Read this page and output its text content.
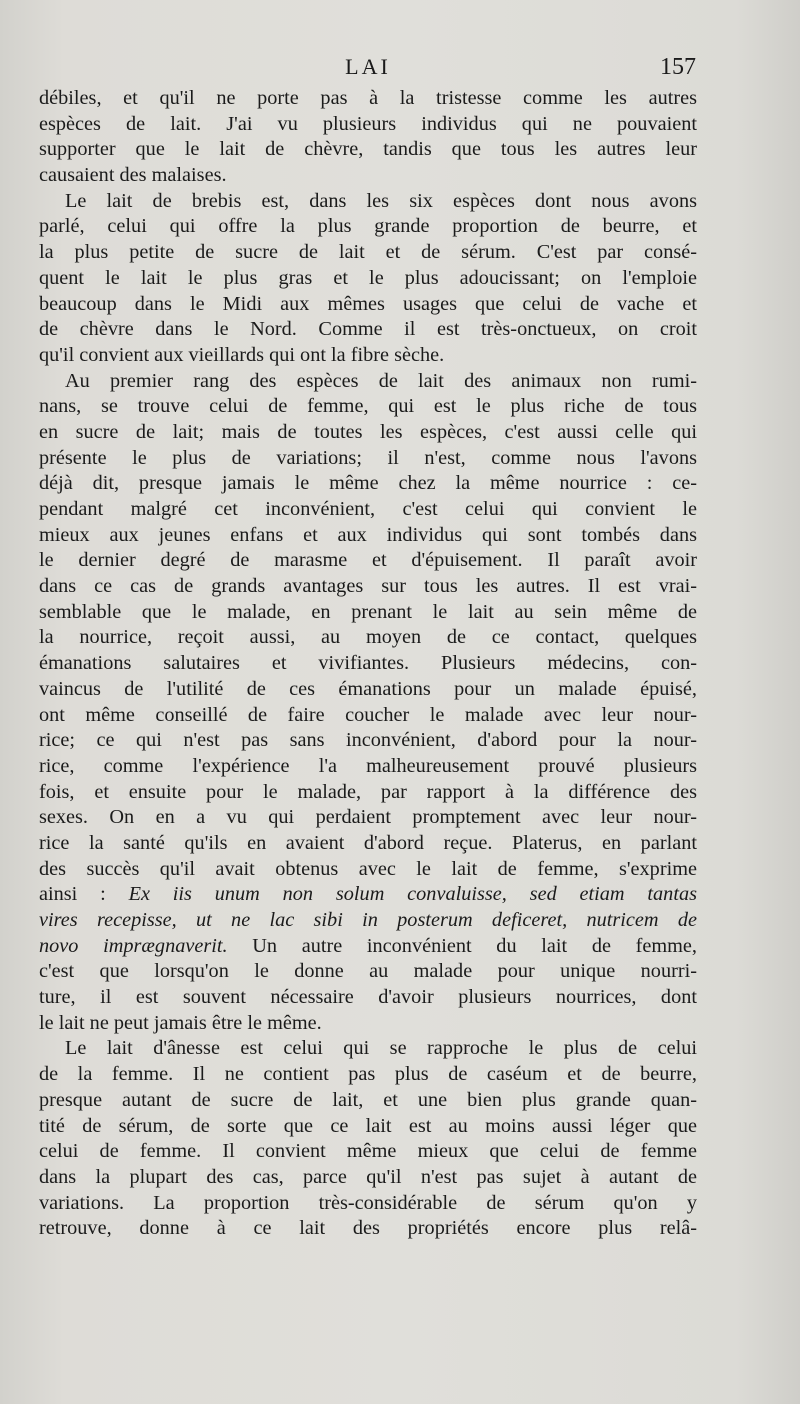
LAI	157
débiles, et qu'il ne porte pas à la tristesse comme les autres
espèces de lait. J'ai vu plusieurs individus qui ne pouvaient
supporter que le lait de chèvre, tandis que tous les autres leur
causaient des malaises.
Le lait de brebis est, dans les six espèces dont nous avons
parlé, celui qui offre la plus grande proportion de beurre, et
la plus petite de sucre de lait et de sérum. C'est par consé-
quent le lait le plus gras et le plus adoucissant; on l'emploie
beaucoup dans le Midi aux mêmes usages que celui de vache et
de chèvre dans le Nord. Comme il est très-onctueux, on croit
qu'il convient aux vieillards qui ont la fibre sèche.
Au premier rang des espèces de lait des animaux non rumi-
nans, se trouve celui de femme, qui est le plus riche de tous
en sucre de lait; mais de toutes les espèces, c'est aussi celle qui
présente le plus de variations; il n'est, comme nous l'avons
déjà dit, presque jamais le même chez la même nourrice : ce-
pendant malgré cet inconvénient, c'est celui qui convient le
mieux aux jeunes enfans et aux individus qui sont tombés dans
le dernier degré de marasme et d'épuisement. Il paraît avoir
dans ce cas de grands avantages sur tous les autres. Il est vrai-
semblable que le malade, en prenant le lait au sein même de
la nourrice, reçoit aussi, au moyen de ce contact, quelques
émanations salutaires et vivifiantes. Plusieurs médecins, con-
vaincus de l'utilité de ces émanations pour un malade épuisé,
ont même conseillé de faire coucher le malade avec leur nour-
rice; ce qui n'est pas sans inconvénient, d'abord pour la nour-
rice, comme l'expérience l'a malheureusement prouvé plusieurs
fois, et ensuite pour le malade, par rapport à la différence des
sexes. On en a vu qui perdaient promptement avec leur nour-
rice la santé qu'ils en avaient d'abord reçue. Platerus, en parlant
des succès qu'il avait obtenus avec le lait de femme, s'exprime
ainsi : Ex iis unum non solum convaluisse, sed etiam tantas
vires recepisse, ut ne lac sibi in posterum deficeret, nutricem de
novo imprægnaverit. Un autre inconvénient du lait de femme,
c'est que lorsqu'on le donne au malade pour unique nourri-
ture, il est souvent nécessaire d'avoir plusieurs nourrices, dont
le lait ne peut jamais être le même.
Le lait d'ânesse est celui qui se rapproche le plus de celui
de la femme. Il ne contient pas plus de caséum et de beurre,
presque autant de sucre de lait, et une bien plus grande quan-
tité de sérum, de sorte que ce lait est au moins aussi léger que
celui de femme. Il convient même mieux que celui de femme
dans la plupart des cas, parce qu'il n'est pas sujet à autant de
variations. La proportion très-considérable de sérum qu'on y
retrouve, donne à ce lait des propriétés encore plus relâ-
